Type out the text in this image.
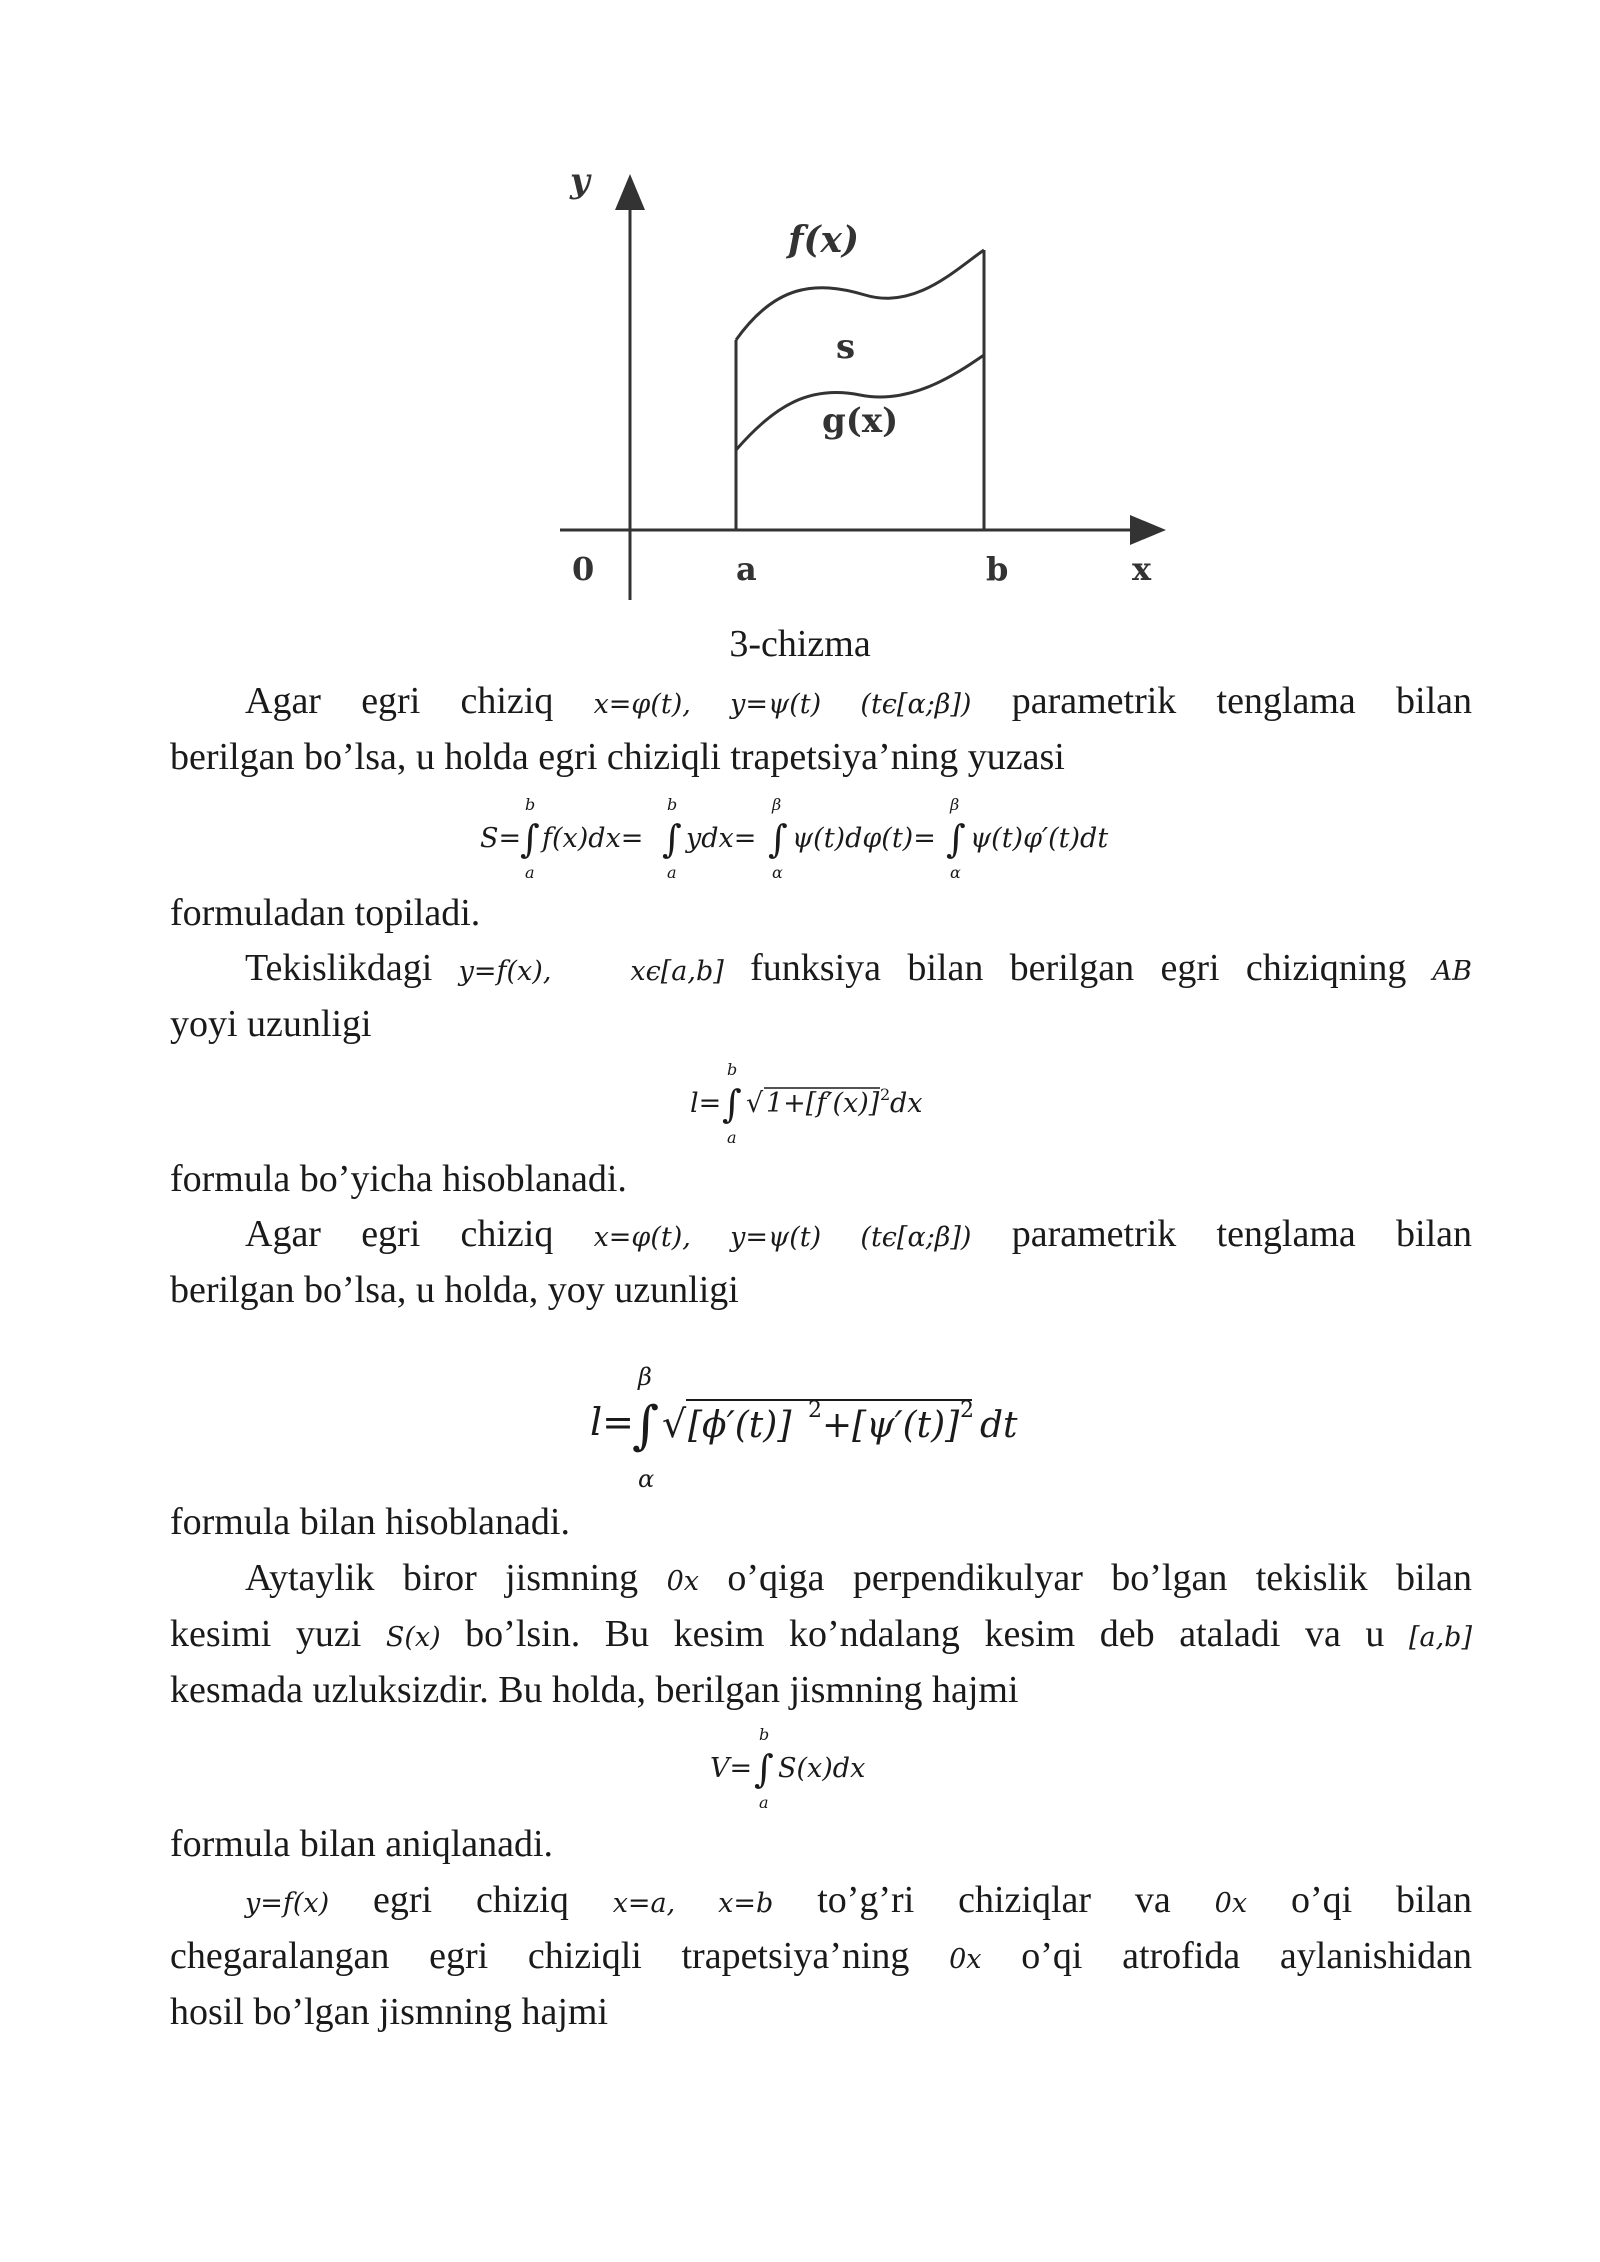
y
f(x)
s
g(x)
0	a	b	x
3-chizma
Agar egri chiziq x=φ(t), y=ψ(t) (tϵ[α;β]) parametrik tenglama bilan
berilgan bo’lsa, u holda egri chiziqli trapetsiya’ning yuzasi
S=
∫
b
a
f(x)dx= ∫
b
a
ydx= ∫
β
α
ψ(t)dφ(t)= ∫
β
α
ψ(t)φ′(t)dt
formuladan topiladi.
Tekislikdagi y=f(x),	xϵ[a,b] funksiya bilan berilgan egri chiziqning AB
yoyi uzunligi
l= ∫
b
a
√ 1+[f′(x)] 2 dx
formula bo’yicha hisoblanadi.
Agar egri chiziq x=φ(t), y=ψ(t) (tϵ[α;β]) parametrik tenglama bilan
berilgan bo’lsa, u holda, yoy uzunligi
l=
∫
β
α
√ [ϕ′(t)] 2 +[ψ′(t)] 2 dt
formula bilan hisoblanadi.
Aytaylik biror jismning 0x o’qiga perpendikulyar bo’lgan tekislik bilan
kesimi yuzi S(x) bo’lsin. Bu kesim ko’ndalang kesim deb ataladi va u [a,b]
kesmada uzluksizdir. Bu holda, berilgan jismning hajmi
V= ∫
b
a
S(x)dx
formula bilan aniqlanadi.
y=f(x) egri chiziq x=a, x=b to’g’ri chiziqlar va 0x o’qi bilan
chegaralangan egri chiziqli trapetsiya’ning 0x o’qi atrofida aylanishidan
hosil bo’lgan jismning hajmi
